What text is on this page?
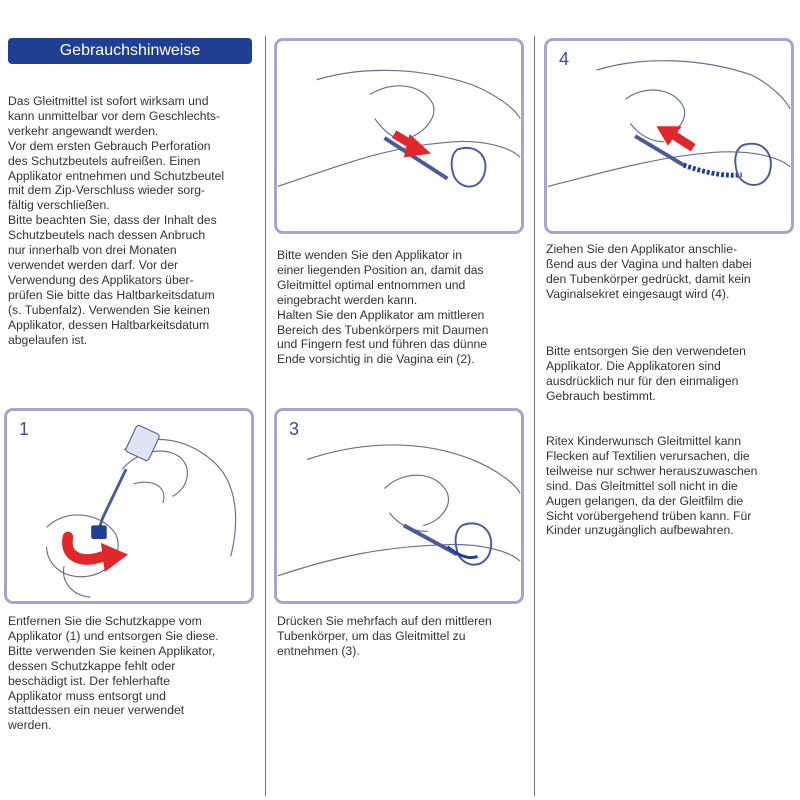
Gebrauchshinweise
Das Gleitmittel ist sofort wirksam und
kann unmittelbar vor dem Geschlechts-
verkehr angewandt werden.
Vor dem ersten Gebrauch Perforation
des Schutzbeutels aufreißen. Einen
Applikator entnehmen und Schutzbeutel
mit dem Zip-Verschluss wieder sorg-
fältig verschließen.
Bitte beachten Sie, dass der Inhalt des
Schutzbeutels nach dessen Anbruch
nur innerhalb von drei Monaten
verwendet werden darf. Vor der
Verwendung des Applikators über-
prüfen Sie bitte das Haltbarkeitsdatum
(s. Tubenfalz). Verwenden Sie keinen
Applikator, dessen Haltbarkeitsdatum
abgelaufen ist.
1
Entfernen Sie die Schutzkappe vom
Applikator (1) und entsorgen Sie diese.
Bitte verwenden Sie keinen Applikator,
dessen Schutzkappe fehlt oder
beschädigt ist. Der fehlerhafte
Applikator muss entsorgt und
stattdessen ein neuer verwendet
werden.
Bitte wenden Sie den Applikator in
einer liegenden Position an, damit das
Gleitmittel optimal entnommen und
eingebracht werden kann.
Halten Sie den Applikator am mittleren
Bereich des Tubenkörpers mit Daumen
und Fingern fest und führen das dünne
Ende vorsichtig in die Vagina ein (2).
3
Drücken Sie mehrfach auf den mittleren
Tubenkörper, um das Gleitmittel zu
entnehmen (3).
4
Ziehen Sie den Applikator anschlie-
ßend aus der Vagina und halten dabei
den Tubenkörper gedrückt, damit kein
Vaginalsekret eingesaugt wird (4).
Bitte entsorgen Sie den verwendeten
Applikator. Die Applikatoren sind
ausdrücklich nur für den einmaligen
Gebrauch bestimmt.
Ritex Kinderwunsch Gleitmittel kann
Flecken auf Textilien verursachen, die
teilweise nur schwer herauszuwaschen
sind. Das Gleitmittel soll nicht in die
Augen gelangen, da der Gleitfilm die
Sicht vorübergehend trüben kann. Für
Kinder unzugänglich aufbewahren.
